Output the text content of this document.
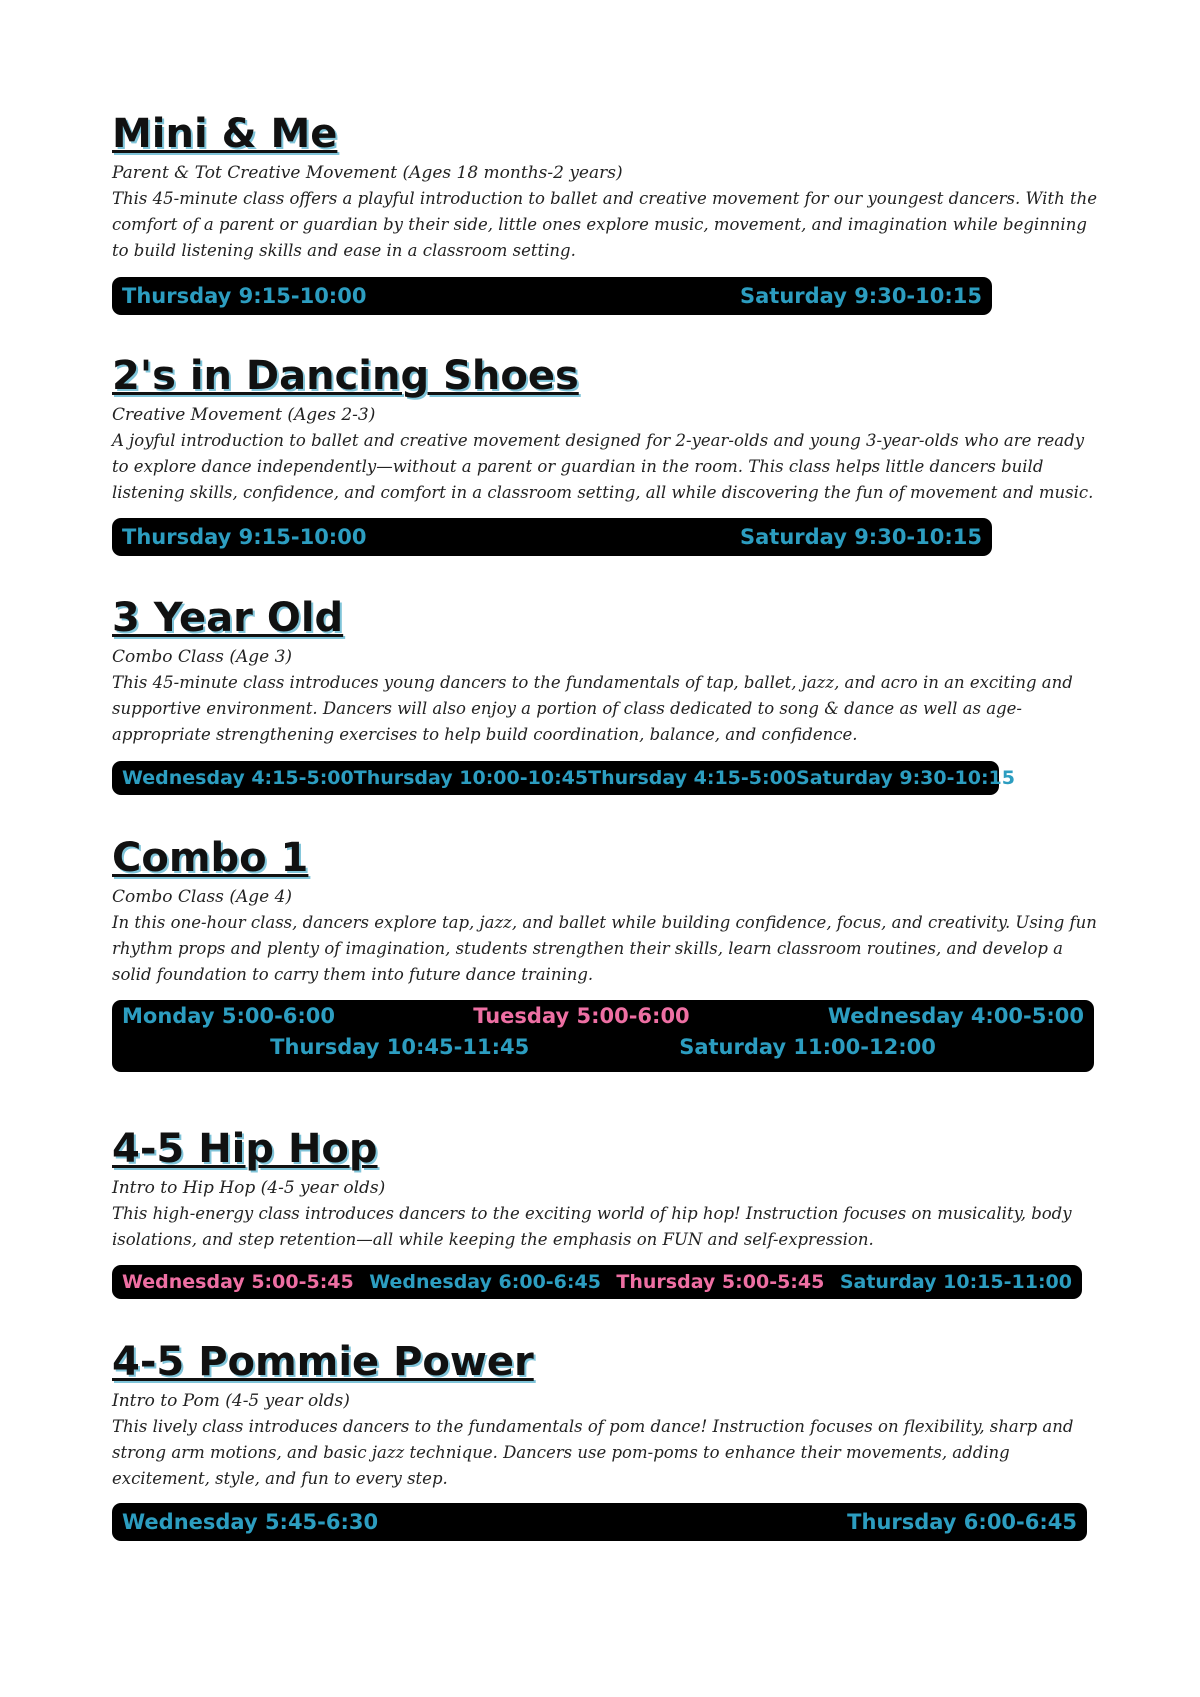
Mini & Me
Parent & Tot Creative Movement (Ages 18 months-2 years)

This 45-minute class offers a playful introduction to ballet and creative movement for our youngest dancers. With the comfort of a parent or guardian by their side, little ones explore music, movement, and imagination while beginning to build listening skills and ease in a classroom setting.

Thursday 9:15-10:00	Saturday 9:30-10:15
2's in Dancing Shoes
Creative Movement (Ages 2-3)

A joyful introduction to ballet and creative movement designed for 2-year-olds and young 3-year-olds who are ready to explore dance independently—without a parent or guardian in the room. This class helps little dancers build listening skills, confidence, and comfort in a classroom setting, all while discovering the fun of movement and music.

Thursday 9:15-10:00	Saturday 9:30-10:15
3 Year Old
Combo Class (Age 3)

This 45-minute class introduces young dancers to the fundamentals of tap, ballet, jazz, and acro in an exciting and supportive environment. Dancers will also enjoy a portion of class dedicated to song & dance as well as age-appropriate strengthening exercises to help build coordination, balance, and confidence.

Wednesday 4:15-5:00 Thursday 10:00-10:45 Thursday 4:15-5:00 Saturday 9:30-10:15
Combo 1
Combo Class (Age 4)

In this one-hour class, dancers explore tap, jazz, and ballet while building confidence, focus, and creativity. Using fun rhythm props and plenty of imagination, students strengthen their skills, learn classroom routines, and develop a solid foundation to carry them into future dance training.

Monday 5:00-6:00	Tuesday 5:00-6:00	Wednesday 4:00-5:00
Thursday 10:45-11:45	Saturday 11:00-12:00
4-5 Hip Hop
Intro to Hip Hop (4-5 year olds)

This high-energy class introduces dancers to the exciting world of hip hop! Instruction focuses on musicality, body isolations, and step retention—all while keeping the emphasis on FUN and self-expression.

Wednesday 5:00-5:45 Wednesday 6:00-6:45 Thursday 5:00-5:45 Saturday 10:15-11:00
4-5 Pommie Power
Intro to Pom (4-5 year olds)

This lively class introduces dancers to the fundamentals of pom dance! Instruction focuses on flexibility, sharp and strong arm motions, and basic jazz technique. Dancers use pom-poms to enhance their movements, adding excitement, style, and fun to every step.

Wednesday 5:45-6:30	Thursday 6:00-6:45
